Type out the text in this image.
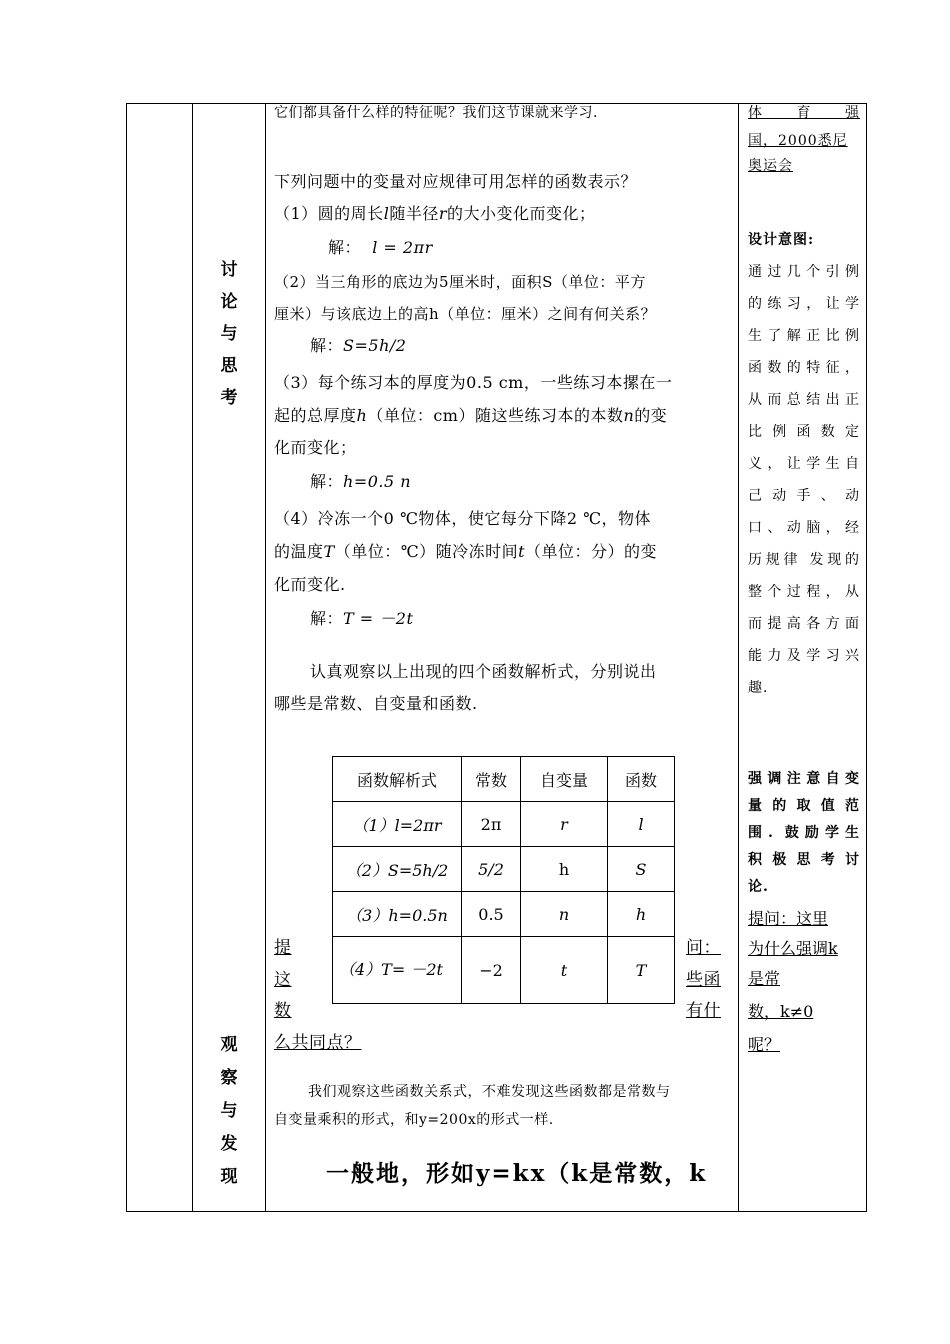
讨论与思考
观察与发现
它们都具备什么样的特征呢？我们这节课就来学习.
下列问题中的变量对应规律可用怎样的函数表示？
（1）圆的周长l随半径r的大小变化而变化；
解： l = 2πr
（2）当三角形的底边为5厘米时，面积S（单位：平方
厘米）与该底边上的高h（单位：厘米）之间有何关系？
解：S=5h/2
（3）每个练习本的厚度为0.5 cm，一些练习本摞在一
起的总厚度h（单位：cm）随这些练习本的本数n的变
化而变化；
解：h=0.5 n
（4）冷冻一个0 ℃物体，使它每分下降2 ℃，物体
的温度T（单位：℃）随冷冻时间t（单位：分）的变
化而变化.
解：T = －2t
认真观察以上出现的四个函数解析式，分别说出
哪些是常数、自变量和函数.
函数解析式	常数	自变量	函数
（1）l=2πr	2π	r	l
（2）S=5h/2	5/2	h	S
（3）h=0.5n	0.5	n	h
（4）T= －2t	−2	t	T
提
这
数
问：
些函
有什
么共同点？
我们观察这些函数关系式，不难发现这些函数都是常数与
自变量乘积的形式，和y=200x的形式一样.
一般地，形如y=kx（k是常数，k
体 育 强
国，2000悉尼
奥运会
设计意图:
通过几个引例
的练习，让学
生了解正比例
函数的特征，
从而总结出正
比例函数定
义，让学生自
己动手、动
口、动脑，经
历规律 发现的
整个过程，从
而提高各方面
能力及学习兴
趣.
强调注意自变
量的取值范
围. 鼓励学生
积极思考讨
论.
提问：这里
为什么强调k
是常
数，k≠0
呢？
